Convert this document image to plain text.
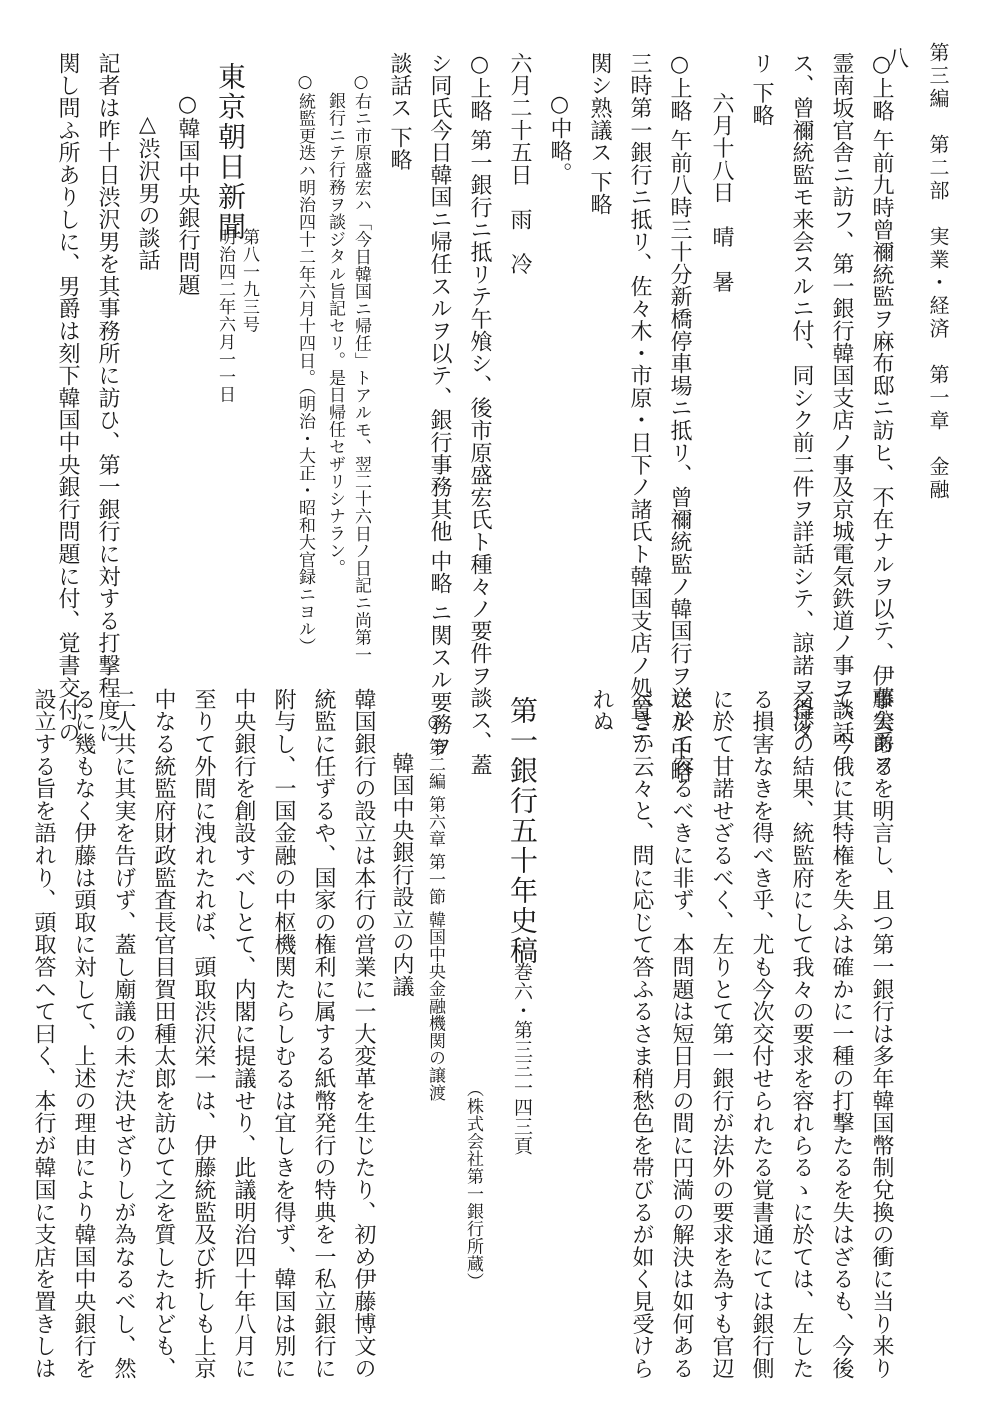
第三編　第二部　実業・経済　第一章　金融
八
○上略 午前九時曾禰統監ヲ麻布邸ニ訪ヒ、不在ナルヲ以テ、伊藤公爵ヲ
霊南坂官舎ニ訪フ、第一銀行韓国支店ノ事及京城電気鉄道ノ事ヲ談話
ス、曾禰統監モ来会スルニ付、同シク前二件ヲ詳話シテ、諒諾ヲ得タ
リ 下略
六月十八日　晴　暑
○上略 午前八時三十分新橋停車場ニ抵リ、曾禰統監ノ韓国行ヲ送ル 中略
三時第一銀行ニ抵リ、佐々木・市原・日下ノ諸氏ト韓国支店ノ処置ニ
関シ熟議ス 下略
○中略。
六月二十五日　雨　冷
○上略 第一銀行ニ抵リテ午飧シ、後市原盛宏氏ト種々ノ要件ヲ談ス、蓋
シ同氏今日韓国ニ帰任スルヲ以テ、銀行事務其他 中略 ニ関スル要務ヲ
談話ス 下略
○右ニ市原盛宏ハ「今日韓国ニ帰任」トアルモ、翌二十六日ノ日記ニ尚第一
銀行ニテ行務ヲ談ジタル旨記セリ。是日帰任セザリシナラン。
○統監更迭ハ明治四十二年六月十四日。（明治・大正・昭和大官録ニヨル）
東京朝日新聞
第八一九三号
明治四二年六月一一日
○韓国中央銀行問題
△渋沢男の談話
記者は昨十日渋沢男を其事務所に訪ひ、第一銀行に対する打撃程度に
関し問ふ所ありしに、男爵は刻下韓国中央銀行問題に付、覚書交付の
事実あるを明言し、且つ第一銀行は多年韓国幣制兌換の衝に当り来り
て、今俄に其特権を失ふは確かに一種の打撃たるを失はざるも、今後
交渉の結果、統監府にして我々の要求を容れらるゝに於ては、左した
る損害なきを得べき乎、尤も今次交付せられたる覚書通にては銀行側
に於て甘諾せざるべく、左りとて第一銀行が法外の要求を為すも官辺
に於て容るべきに非ず、本問題は短日月の間に円満の解決は如何ある
べきか云々と、問に応じて答ふるさま稍愁色を帯びるが如く見受けら
れぬ
第一銀行五十年史稿
巻六・第三三一四三頁
（株式会社第一銀行所蔵）
○ 第二編 第六章 第一節 韓国中央金融機関の譲渡
韓国中央銀行設立の内議
韓国銀行の設立は本行の営業に一大変革を生じたり、初め伊藤博文の
統監に任ずるや、国家の権利に属する紙幣発行の特典を一私立銀行に
附与し、一国金融の中枢機関たらしむるは宜しきを得ず、韓国は別に
中央銀行を創設すべしとて、内閣に提議せり、此議明治四十年八月に
至りて外間に洩れたれば、頭取渋沢栄一は、伊藤統監及び折しも上京
中なる統監府財政監査長官目賀田種太郎を訪ひて之を質したれども、
二人共に其実を告げず、蓋し廟議の未だ決せざりしが為なるべし、然
るに幾もなく伊藤は頭取に対して、上述の理由により韓国中央銀行を
設立する旨を語れり、頭取答へて曰く、本行が韓国に支店を置きしは
